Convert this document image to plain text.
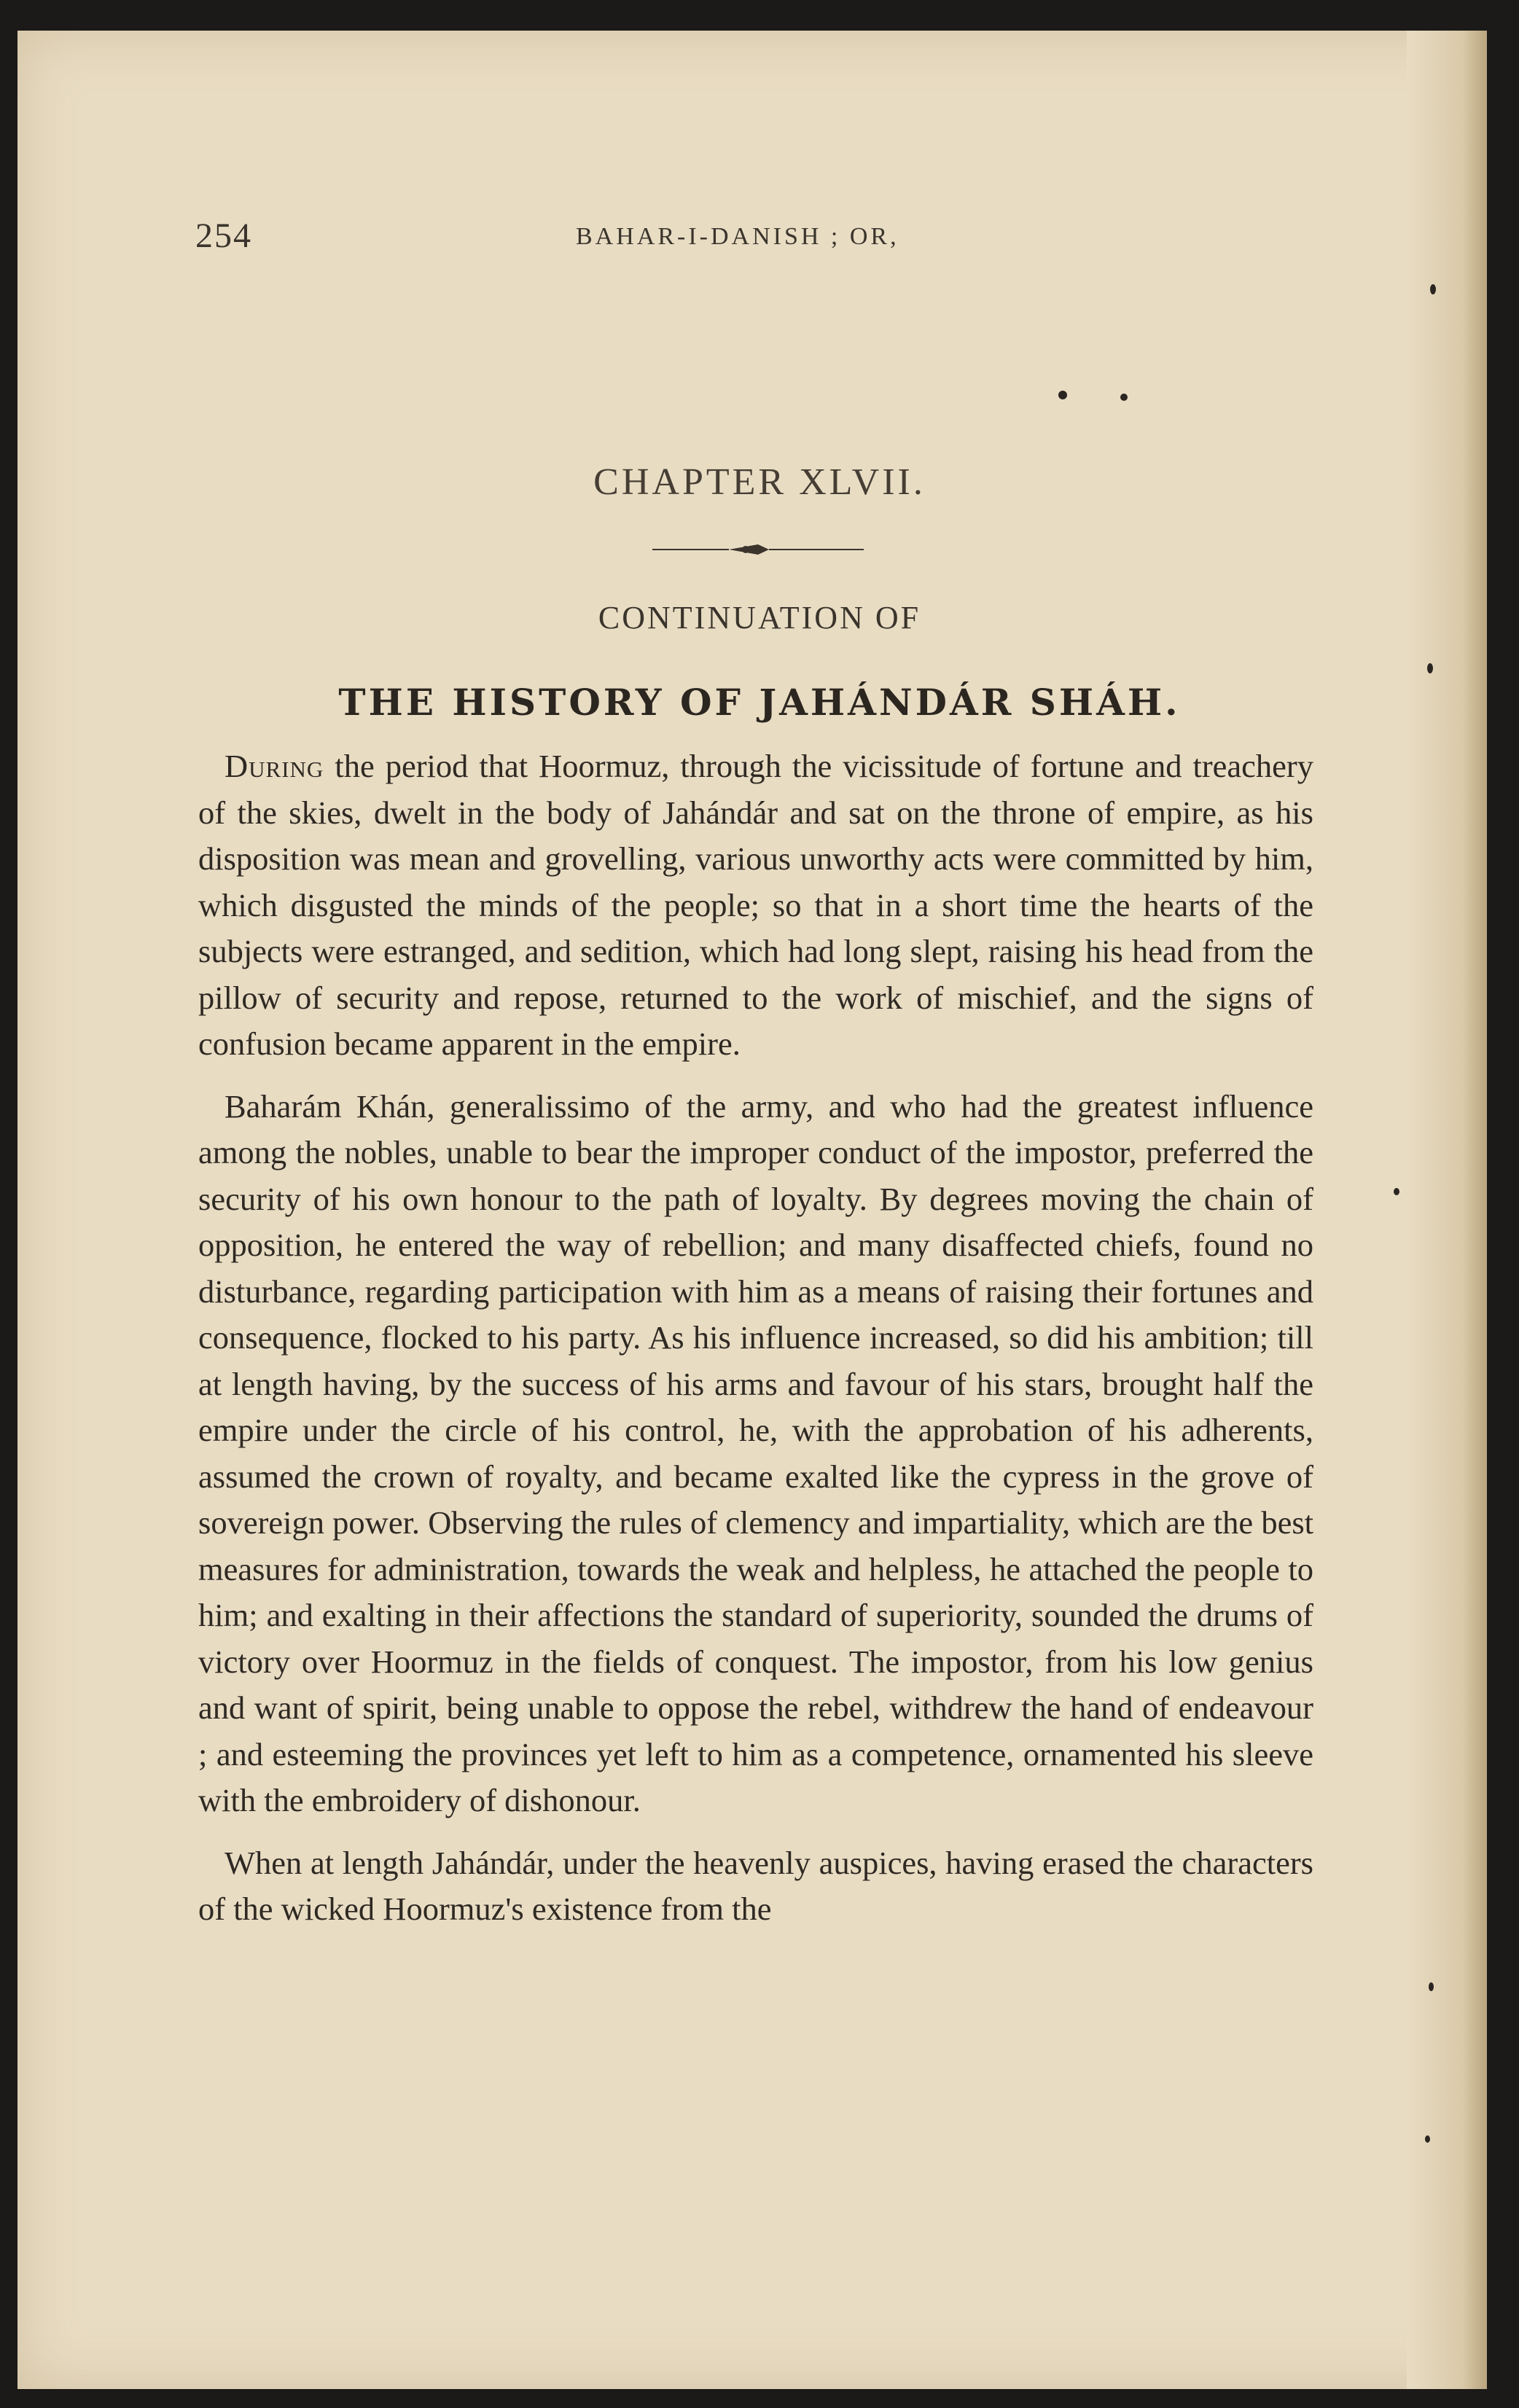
254	BAHAR-I-DANISH ; OR,
CHAPTER XLVII.
CONTINUATION OF
THE HISTORY OF JAHÁNDÁR SHÁH.

During the period that Hoormuz, through the vicissitude of fortune and treachery of the skies, dwelt in the body of Jahándár and sat on the throne of empire, as his disposition was mean and grovelling, various unworthy acts were committed by him, which disgusted the minds of the people; so that in a short time the hearts of the subjects were estranged, and sedition, which had long slept, raising his head from the pillow of security and repose, returned to the work of mischief, and the signs of confusion became apparent in the empire.

Baharám Khán, generalissimo of the army, and who had the greatest influence among the nobles, unable to bear the improper conduct of the impostor, preferred the security of his own honour to the path of loyalty. By degrees moving the chain of opposition, he entered the way of rebellion; and many disaffected chiefs, found no disturbance, regarding participation with him as a means of raising their fortunes and consequence, flocked to his party. As his influence increased, so did his ambition; till at length having, by the success of his arms and favour of his stars, brought half the empire under the circle of his control, he, with the approbation of his adherents, assumed the crown of royalty, and became exalted like the cypress in the grove of sovereign power. Observing the rules of clemency and impartiality, which are the best measures for administration, towards the weak and helpless, he attached the people to him; and exalting in their affections the standard of superiority, sounded the drums of victory over Hoormuz in the fields of conquest. The impostor, from his low genius and want of spirit, being unable to oppose the rebel, withdrew the hand of endeavour ; and esteeming the provinces yet left to him as a competence, ornamented his sleeve with the embroidery of dishonour.

When at length Jahándár, under the heavenly auspices, having erased the characters of the wicked Hoormuz's existence from the
